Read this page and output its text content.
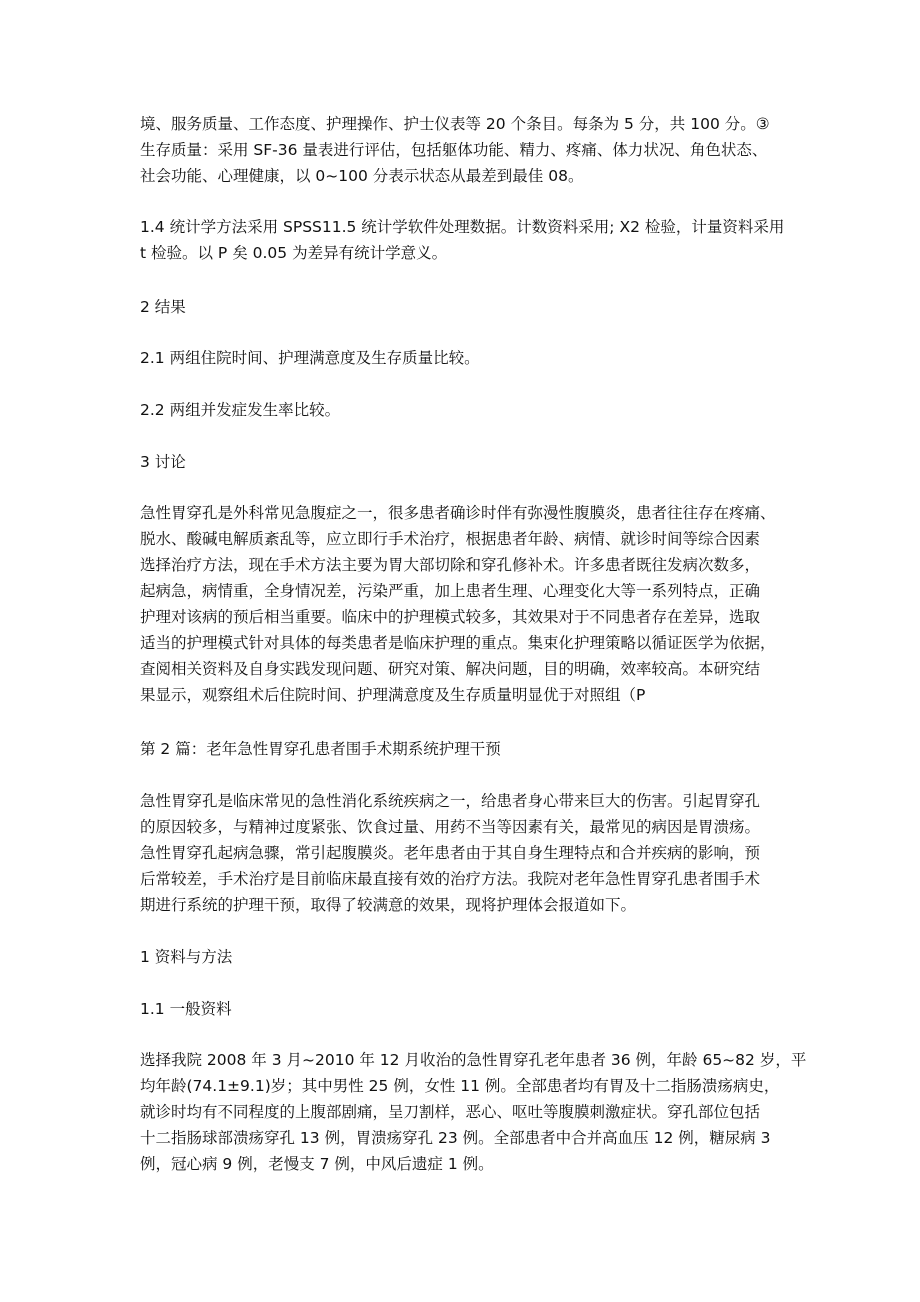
境、服务质量、工作态度、护理操作、护士仪表等 20 个条目。每条为 5 分，共 100 分。③
生存质量：采用 SF-36 量表进行评估，包括躯体功能、精力、疼痛、体力状况、角色状态、
社会功能、心理健康，以 0~100 分表示状态从最差到最佳 08。

1.4 统计学方法采用 SPSS11.5 统计学软件处理数据。计数资料采用; X2 检验，计量资料采用
t 检验。以 P 矣 0.05 为差异有统计学意义。

2 结果

2.1 两组住院时间、护理满意度及生存质量比较。

2.2 两组并发症发生率比较。

3 讨论

急性胃穿孔是外科常见急腹症之一，很多患者确诊时伴有弥漫性腹膜炎，患者往往存在疼痛、
脱水、酸碱电解质紊乱等，应立即行手术治疗，根据患者年龄、病情、就诊时间等综合因素
选择治疗方法，现在手术方法主要为胃大部切除和穿孔修补术。许多患者既往发病次数多，
起病急，病情重，全身情况差，污染严重，加上患者生理、心理变化大等一系列特点，正确
护理对该病的预后相当重要。临床中的护理模式较多，其效果对于不同患者存在差异，选取
适当的护理模式针对具体的每类患者是临床护理的重点。集束化护理策略以循证医学为依据，
查阅相关资料及自身实践发现问题、研究对策、解决问题，目的明确，效率较高。本研究结
果显示，观察组术后住院时间、护理满意度及生存质量明显优于对照组（P

第 2 篇：老年急性胃穿孔患者围手术期系统护理干预

急性胃穿孔是临床常见的急性消化系统疾病之一，给患者身心带来巨大的伤害。引起胃穿孔
的原因较多，与精神过度紧张、饮食过量、用药不当等因素有关，最常见的病因是胃溃疡。
急性胃穿孔起病急骤，常引起腹膜炎。老年患者由于其自身生理特点和合并疾病的影响，预
后常较差，手术治疗是目前临床最直接有效的治疗方法。我院对老年急性胃穿孔患者围手术
期进行系统的护理干预，取得了较满意的效果，现将护理体会报道如下。

1 资料与方法

1.1 一般资料

选择我院 2008 年 3 月~2010 年 12 月收治的急性胃穿孔老年患者 36 例，年龄 65~82 岁，平
均年龄(74.1±9.1)岁；其中男性 25 例，女性 11 例。全部患者均有胃及十二指肠溃疡病史，
就诊时均有不同程度的上腹部剧痛，呈刀割样，恶心、呕吐等腹膜刺激症状。穿孔部位包括
十二指肠球部溃疡穿孔 13 例，胃溃疡穿孔 23 例。全部患者中合并高血压 12 例，糖尿病 3
例，冠心病 9 例，老慢支 7 例，中风后遗症 1 例。
